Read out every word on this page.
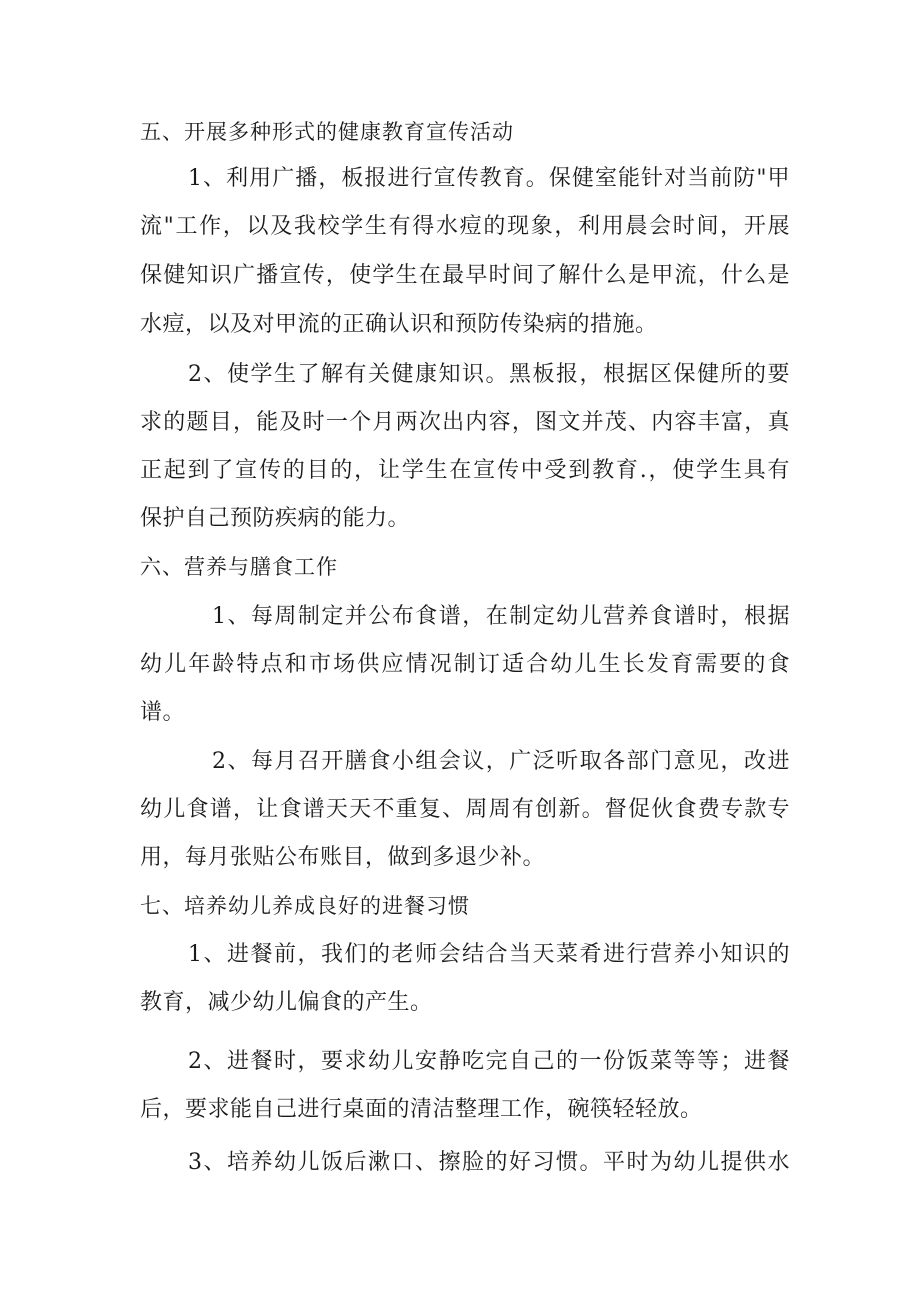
五、开展多种形式的健康教育宣传活动
1、利用广播，板报进行宣传教育。保健室能针对当前防"甲
流"工作，以及我校学生有得水痘的现象，利用晨会时间，开展
保健知识广播宣传，使学生在最早时间了解什么是甲流，什么是
水痘，以及对甲流的正确认识和预防传染病的措施。
2、使学生了解有关健康知识。黑板报，根据区保健所的要
求的题目，能及时一个月两次出内容，图文并茂、内容丰富，真
正起到了宣传的目的，让学生在宣传中受到教育.，使学生具有
保护自己预防疾病的能力。
六、营养与膳食工作
1、每周制定并公布食谱，在制定幼儿营养食谱时，根据
幼儿年龄特点和市场供应情况制订适合幼儿生长发育需要的食
谱。
2、每月召开膳食小组会议，广泛听取各部门意见，改进
幼儿食谱，让食谱天天不重复、周周有创新。督促伙食费专款专
用，每月张贴公布账目，做到多退少补。
七、培养幼儿养成良好的进餐习惯
1、进餐前，我们的老师会结合当天菜肴进行营养小知识的
教育，减少幼儿偏食的产生。
2、进餐时，要求幼儿安静吃完自己的一份饭菜等等；进餐
后，要求能自己进行桌面的清洁整理工作，碗筷轻轻放。
3、培养幼儿饭后漱口、擦脸的好习惯。平时为幼儿提供水
